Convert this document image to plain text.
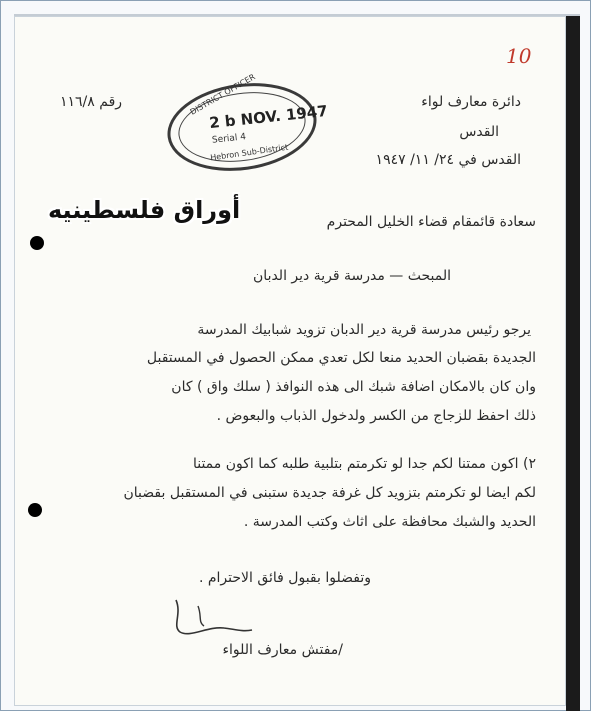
10
رقم ١١٦/٨	دائرة معارف لواء
القدس
القدس في ٢٤/ ١١/ ١٩٤٧
DISTRICT OFFICER
2 b NOV. 1947
Serial 4
Hebron Sub-District
سعادة قائمقام قضاء الخليل المحترم
أوراق فلسطينيه
المبحث — مدرسة قرية دير الدبان
يرجو رئيس مدرسة قرية دير الدبان تزويد شبابيك المدرسة
الجديدة بقضبان الحديد منعا لكل تعدي ممكن الحصول في المستقبل
وان كان بالامكان اضافة شبك الى هذه النوافذ ( سلك واق ) كان
ذلك احفظ للزجاج من الكسر ولدخول الذباب والبعوض .
٢) اكون ممتنا لكم جدا لو تكرمتم بتلبية طلبه كما اكون ممتنا
لكم ايضا لو تكرمتم بتزويد كل غرفة جديدة ستبنى في المستقبل بقضبان
الحديد والشبك محافظة على اثاث وكتب المدرسة .
وتفضلوا بقبول فائق الاحترام .
/مفتش معارف اللواء
